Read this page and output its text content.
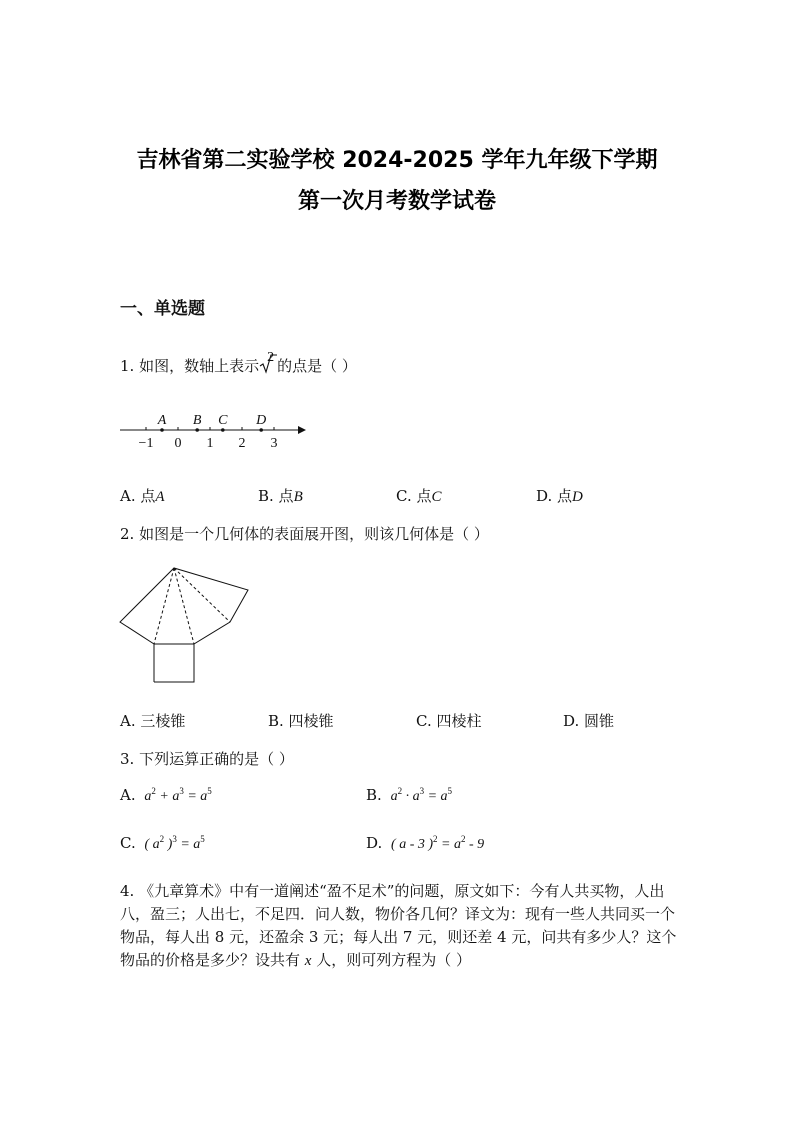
吉林省第二实验学校 2024-2025 学年九年级下学期
第一次月考数学试卷
一、单选题
1. 如图，数轴上表示 2 的点是（ ）
−1 0 1 2 3
A B C D
A. 点A	B. 点B	C. 点C	D. 点D
2. 如图是一个几何体的表面展开图，则该几何体是（ ）
A. 三棱锥	B. 四棱锥	C. 四棱柱	D. 圆锥
3. 下列运算正确的是（ ）
A. $a^2 + a^3 = a^5$	B. $a^2 \cdot a^3 = a^5$
C. ( $a^2$ )$^3 = a^5$	D. ( a - 3 )$^2 = a^2 - 9$
4. 《九章算术》中有一道阐述“盈不足术”的问题，原文如下：今有人共买物，人出八，盈三；人出七，不足四．问人数，物价各几何？译文为：现有一些人共同买一个物品，每人出 8 元，还盈余 3 元；每人出 7 元，则还差 4 元，问共有多少人？这个物品的价格是多少？设共有 x 人，则可列方程为（ ）
